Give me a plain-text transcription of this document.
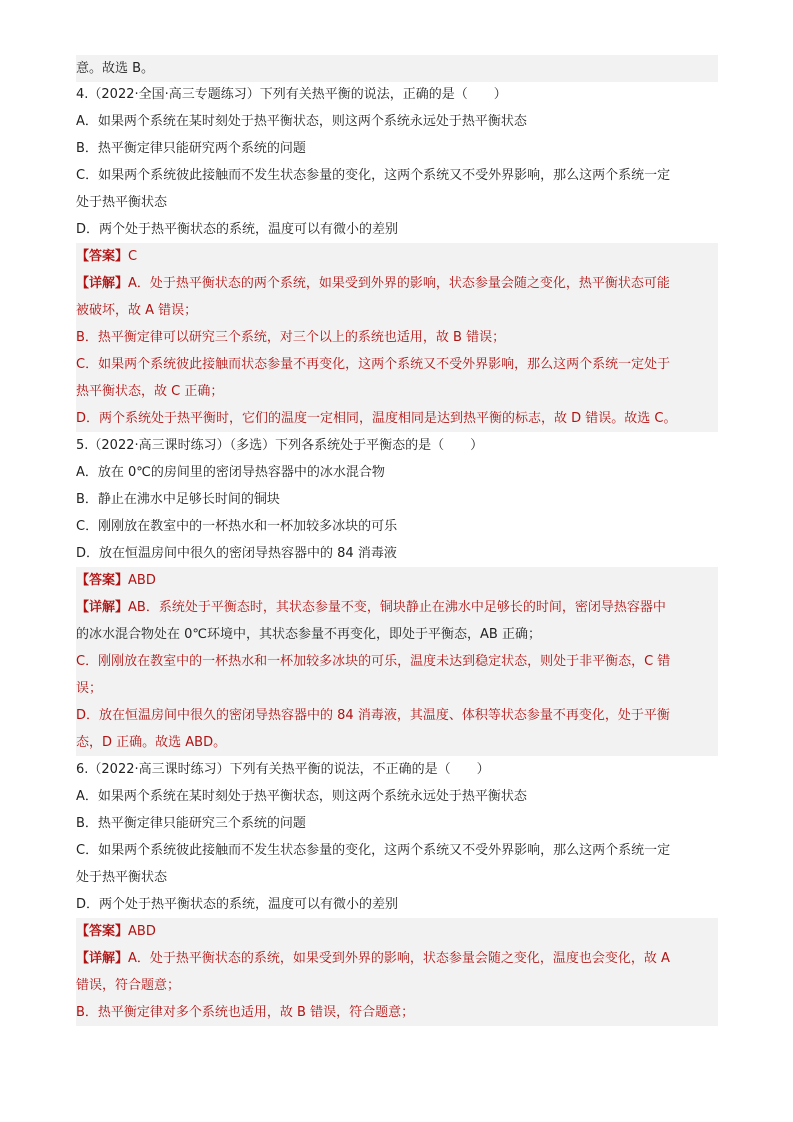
意。故选 B。
4.（2022·全国·高三专题练习）下列有关热平衡的说法，正确的是（　　）
A．如果两个系统在某时刻处于热平衡状态，则这两个系统永远处于热平衡状态
B．热平衡定律只能研究两个系统的问题
C．如果两个系统彼此接触而不发生状态参量的变化，这两个系统又不受外界影响，那么这两个系统一定
处于热平衡状态
D．两个处于热平衡状态的系统，温度可以有微小的差别
【答案】C
【详解】A．处于热平衡状态的两个系统，如果受到外界的影响，状态参量会随之变化，热平衡状态可能
被破坏，故 A 错误；
B．热平衡定律可以研究三个系统，对三个以上的系统也适用，故 B 错误；
C．如果两个系统彼此接触而状态参量不再变化，这两个系统又不受外界影响，那么这两个系统一定处于
热平衡状态，故 C 正确；
D．两个系统处于热平衡时，它们的温度一定相同，温度相同是达到热平衡的标志，故 D 错误。故选 C。
5.（2022·高三课时练习）（多选）下列各系统处于平衡态的是（　　）
A．放在 0℃的房间里的密闭导热容器中的冰水混合物
B．静止在沸水中足够长时间的铜块
C．刚刚放在教室中的一杯热水和一杯加较多冰块的可乐
D．放在恒温房间中很久的密闭导热容器中的 84 消毒液
【答案】ABD
【详解】AB．系统处于平衡态时，其状态参量不变，铜块静止在沸水中足够长的时间，密闭导热容器中
的冰水混合物处在 0℃环境中，其状态参量不再变化，即处于平衡态，AB 正确；
C．刚刚放在教室中的一杯热水和一杯加较多冰块的可乐，温度未达到稳定状态，则处于非平衡态，C 错
误；
D．放在恒温房间中很久的密闭导热容器中的 84 消毒液，其温度、体积等状态参量不再变化，处于平衡
态，D 正确。故选 ABD。
6.（2022·高三课时练习）下列有关热平衡的说法，不正确的是（　　）
A．如果两个系统在某时刻处于热平衡状态，则这两个系统永远处于热平衡状态
B．热平衡定律只能研究三个系统的问题
C．如果两个系统彼此接触而不发生状态参量的变化，这两个系统又不受外界影响，那么这两个系统一定
处于热平衡状态
D．两个处于热平衡状态的系统，温度可以有微小的差别
【答案】ABD
【详解】A．处于热平衡状态的系统，如果受到外界的影响，状态参量会随之变化，温度也会变化，故 A
错误，符合题意；
B．热平衡定律对多个系统也适用，故 B 错误，符合题意；
